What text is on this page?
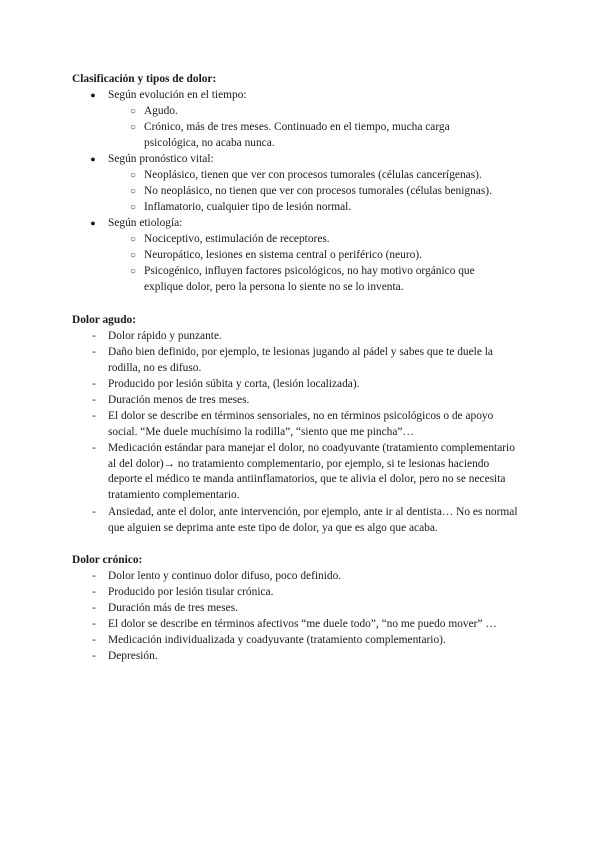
Clasificación y tipos de dolor:

● Según evolución en el tiempo:
○ Agudo.
○ Crónico, más de tres meses. Continuado en el tiempo, mucha carga psicológica, no acaba nunca.
● Según pronóstico vital:
○ Neoplásico, tienen que ver con procesos tumorales (células cancerígenas).
○ No neoplásico, no tienen que ver con procesos tumorales (células benignas).
○ Inflamatorio, cualquier tipo de lesión normal.
● Según etiología:
○ Nociceptivo, estimulación de receptores.
○ Neuropático, lesiones en sistema central o periférico (neuro).
○ Psicogénico, influyen factores psicológicos, no hay motivo orgánico que explique dolor, pero la persona lo siente no se lo inventa.

Dolor agudo:

-	Dolor rápido y punzante.
-	Daño bien definido, por ejemplo, te lesionas jugando al pádel y sabes que te duele la rodilla, no es difuso.
-	Producido por lesión súbita y corta, (lesión localizada).
-	Duración menos de tres meses.
-	El dolor se describe en términos sensoriales, no en términos psicológicos o de apoyo social. “Me duele muchísimo la rodilla”, “siento que me pincha”…
-	Medicación estándar para manejar el dolor, no coadyuvante (tratamiento complementario al del dolor)→ no tratamiento complementario, por ejemplo, si te lesionas haciendo deporte el médico te manda antiinflamatorios, que te alivia el dolor, pero no se necesita tratamiento complementario.
-	Ansiedad, ante el dolor, ante intervención, por ejemplo, ante ir al dentista… No es normal que alguien se deprima ante este tipo de dolor, ya que es algo que acaba.

Dolor crónico:

-	Dolor lento y continuo dolor difuso, poco definido.
-	Producido por lesión tisular crónica.
-	Duración más de tres meses.
-	El dolor se describe en términos afectivos “me duele todo”, “no me puedo mover” …
-	Medicación individualizada y coadyuvante (tratamiento complementario).
-	Depresión.
